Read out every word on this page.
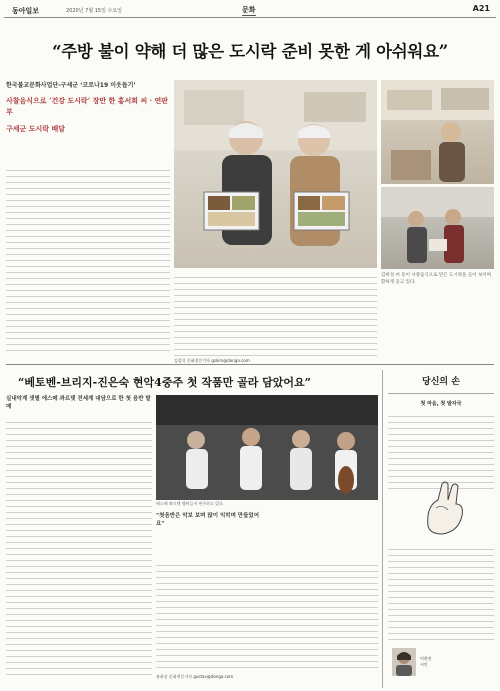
동아일보	2020년 7월 15일 수요일	문화	A21
“주방 불이 약해 더 많은 도시락 준비 못한 게 아쉬워요”
한국불교문화사업단-구세군 ‘코로나19 이웃돕기’
사찰음식으로 ‘건강 도시락’ 장만 한 홍서희 씨 · 연판부
구세군 도시락 배달
김갑식 문화전문기자 gskim@donga.com
김희성 씨 등이 사찰음식으로 만든 도시락을 들어 보이며 환하게 웃고 있다.
“베토벤-브리지-진은숙 현악4중주 첫 작품만 골라 담았어요”
실내악계 샛별 에스메 콰르텟 전세계 대담으로 한 첫 음반 발매
에스메 콰르텟 멤버들이 연주하고 있다.
“첫음반은 악보 보며 많이 익히며 만들었어요”
유윤종 문화전문기자 gustav@donga.com
당신의 손
첫 마음, 첫 발자국
이현진
시인
